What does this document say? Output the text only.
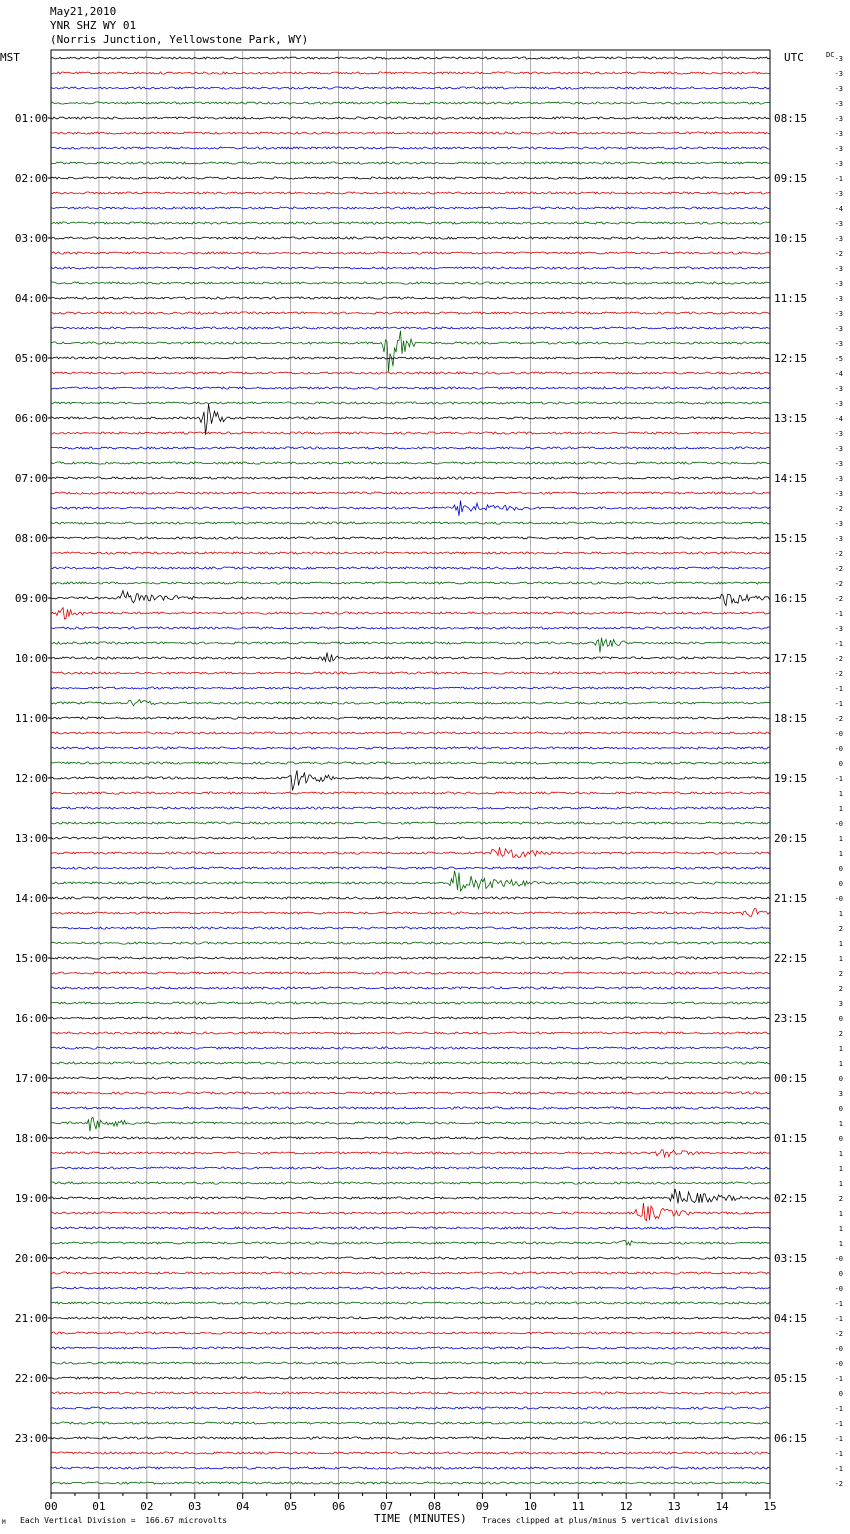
May21,2010
YNR SHZ WY 01
(Norris Junction, Yellowstone Park, WY)
00	01	02	03	04	05	06	07	08	09	10	11	12	13	14	15
-3
-3
-3
-3
-3
-3
-3
-3
-1
-3
-4
-3
-3
-2
-3
-3
-3
-3
-3
-3
-5
-4
-3
-3
-4
-3
-3
-3
-3
-3
-2
-3
-3
-2
-2
-2
-2
-1
-3
-1
-2
-2
-1
-1
-2
-0
-0
0
-1
1
1
-0
1
1
0
0
-0
1
2
1
1
2
2
3
0
2
1
1
0
3
0
1
0
1
1
1
2
1
1
1
-0
0
-0
-1
-1
-2
-0
-0
-1
0
-1
-1
-1
-1
-1
-2
01:00
02:00
03:00
04:00
05:00
06:00
07:00
08:00
09:00
10:00
11:00
12:00
13:00
14:00
15:00
16:00
17:00
18:00
19:00
20:00
21:00
22:00
23:00
08:15
09:15
10:15
11:15
12:15
13:15
14:15
15:15
16:15
17:15
18:15
19:15
20:15
21:15
22:15
23:15
00:15
01:15
02:15
03:15
04:15
05:15
06:15
MST	UTC	DC
Each Vertical Division =  166.67 microvolts	TIME (MINUTES) Traces clipped at plus/minus 5 vertical divisions
M
